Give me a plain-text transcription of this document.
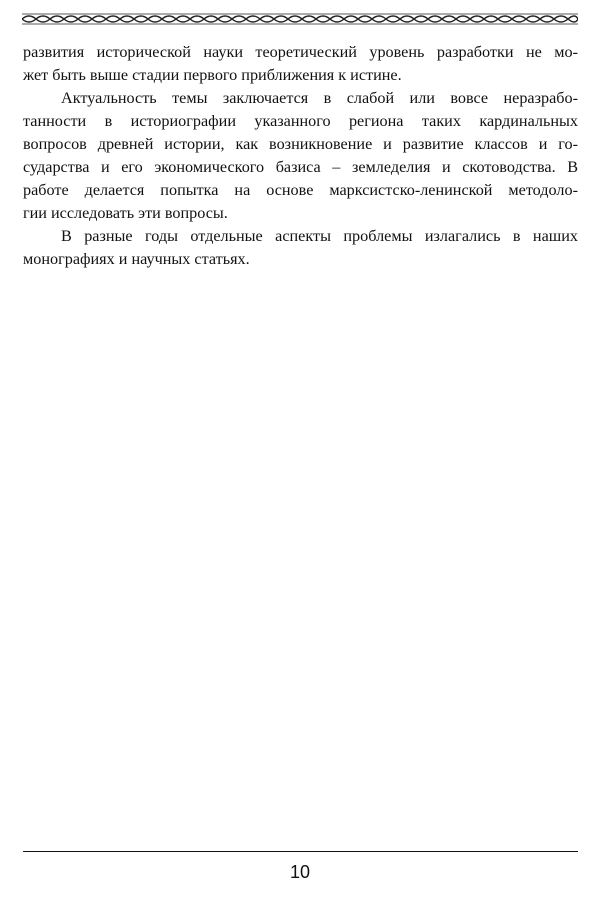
развития исторической науки теоретический уровень разработки не мо-
жет быть выше стадии первого приближения к истине.

Актуальность темы заключается в слабой или вовсе неразрабо-
танности в историографии указанного региона таких кардинальных
вопросов древней истории, как возникновение и развитие классов и го-
сударства и его экономического базиса – земледелия и скотоводства. В
работе делается попытка на основе марксистско-ленинской методоло-
гии исследовать эти вопросы.

В разные годы отдельные аспекты проблемы излагались в наших
монографиях и научных статьях.

10
